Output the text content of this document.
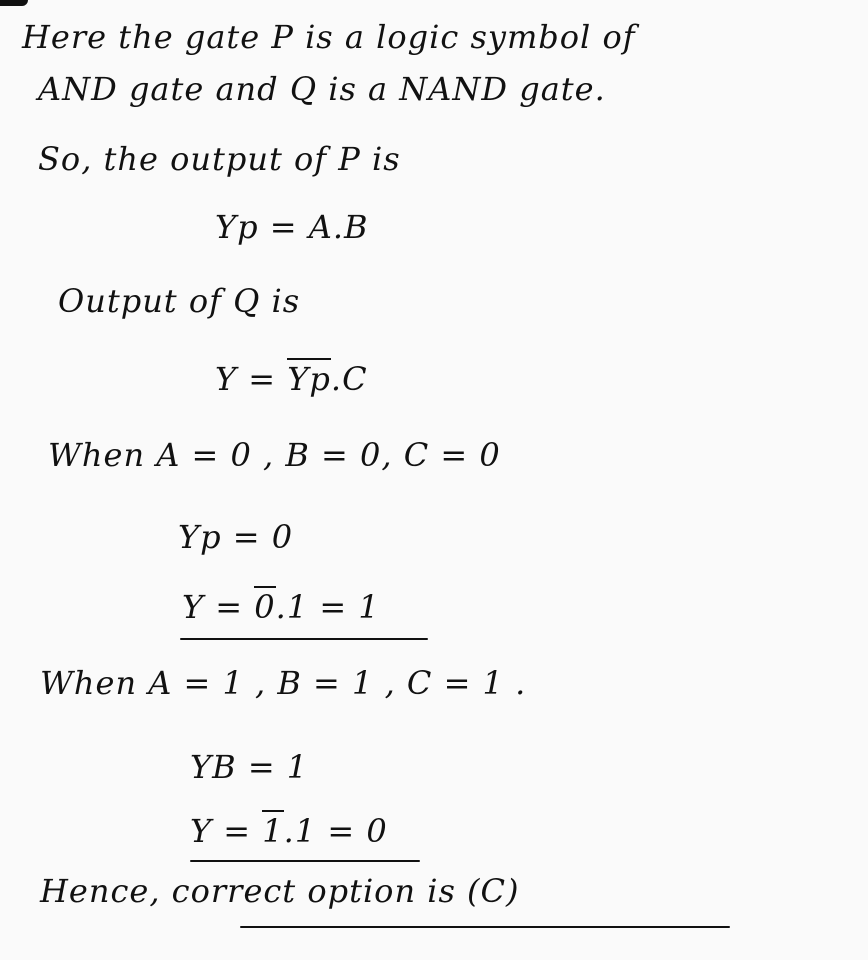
Here the gate P is a logic symbol of
AND gate and Q is a NAND gate.
So, the output of P is
Yp = A.B
Output of Q is
Y =
Yp.C
When A = 0 , B = 0, C = 0
Yp = 0
Y =
0.1 = 1
When A = 1 , B = 1 , C = 1 .
YB = 1
Y =
1.1 = 0
Hence, correct option is (C)
